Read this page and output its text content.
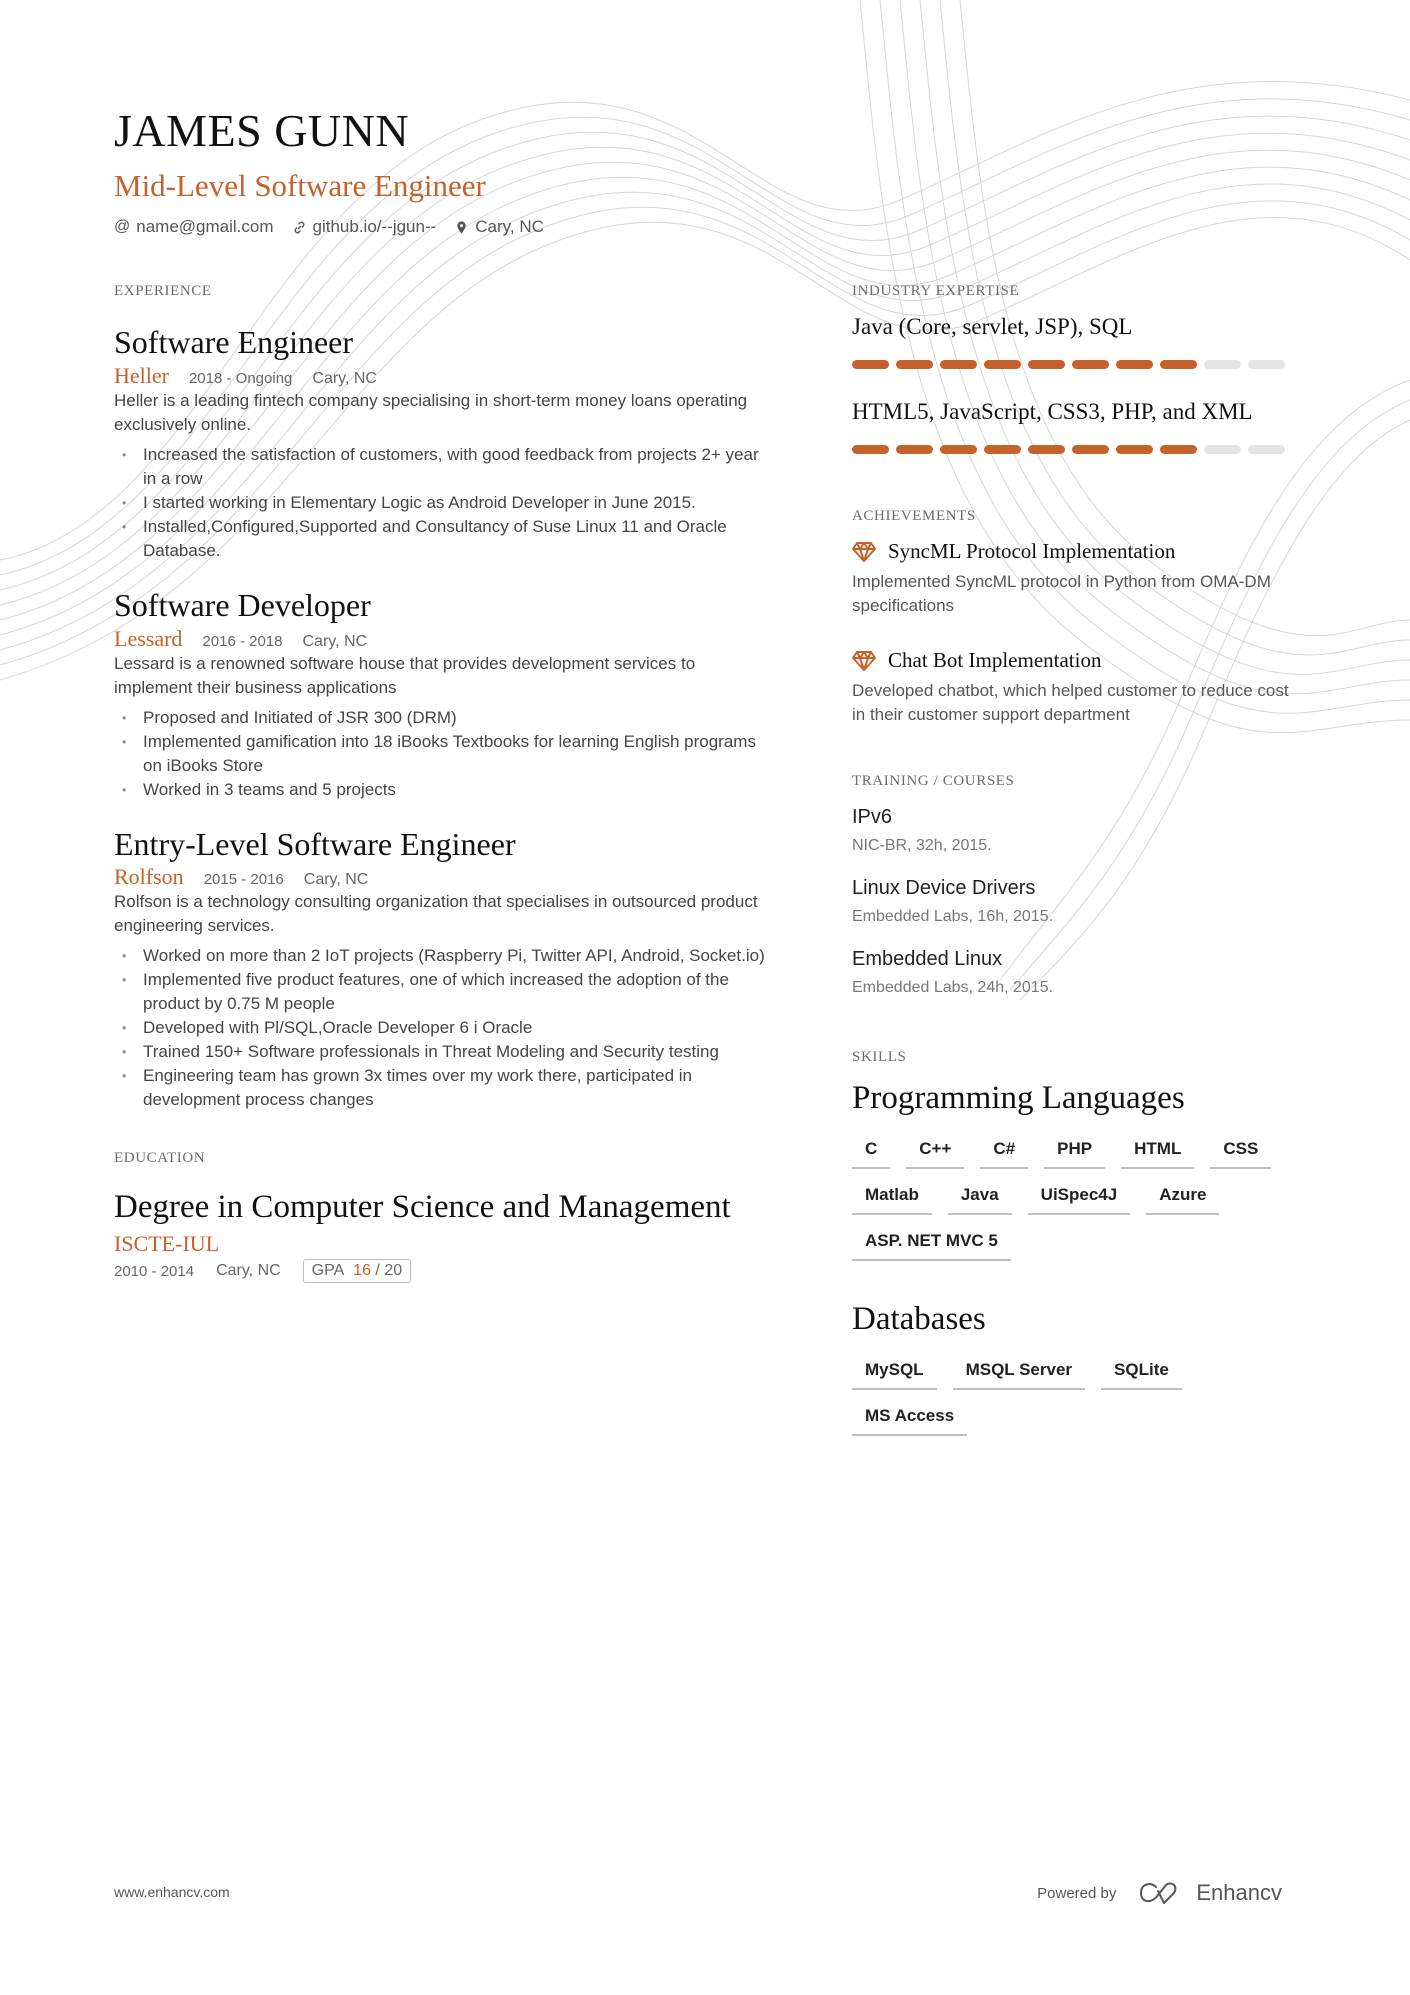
JAMES GUNN
Mid-Level Software Engineer
@ name@gmail.com github.io/--jgun-- Cary, NC
EXPERIENCE
Software Engineer
Heller 2018 - Ongoing Cary, NC
Heller is a leading fintech company specialising in short-term money loans operating exclusively online.
• Increased the satisfaction of customers, with good feedback from projects 2+ year in a row
• I started working in Elementary Logic as Android Developer in June 2015.
• Installed,Configured,Supported and Consultancy of Suse Linux 11 and Oracle Database.
Software Developer
Lessard 2016 - 2018 Cary, NC
Lessard is a renowned software house that provides development services to implement their business applications
• Proposed and Initiated of JSR 300 (DRM)
• Implemented gamification into 18 iBooks Textbooks for learning English programs on iBooks Store
• Worked in 3 teams and 5 projects
Entry-Level Software Engineer
Rolfson 2015 - 2016 Cary, NC
Rolfson is a technology consulting organization that specialises in outsourced product engineering services.
• Worked on more than 2 IoT projects (Raspberry Pi, Twitter API, Android, Socket.io)
• Implemented five product features, one of which increased the adoption of the product by 0.75 M people
• Developed with Pl/SQL,Oracle Developer 6 i Oracle
• Trained 150+ Software professionals in Threat Modeling and Security testing
• Engineering team has grown 3x times over my work there, participated in development process changes
EDUCATION
Degree in Computer Science and Management
ISCTE-IUL
2010 - 2014 Cary, NC	GPA 16 / 20
INDUSTRY EXPERTISE
Java (Core, servlet, JSP), SQL
HTML5, JavaScript, CSS3, PHP, and XML
ACHIEVEMENTS
SyncML Protocol Implementation
Implemented SyncML protocol in Python from OMA-DM specifications
Chat Bot Implementation
Developed chatbot, which helped customer to reduce cost in their customer support department
TRAINING / COURSES
IPv6
NIC-BR, 32h, 2015.
Linux Device Drivers
Embedded Labs, 16h, 2015.
Embedded Linux
Embedded Labs, 24h, 2015.
SKILLS
Programming Languages
C	C++	C#	PHP	HTML	CSS
Matlab	Java	UiSpec4J	Azure
ASP. NET MVC 5
Databases
MySQL	MSQL Server	SQLite
MS Access
www.enhancv.com	Powered by	Enhancv
